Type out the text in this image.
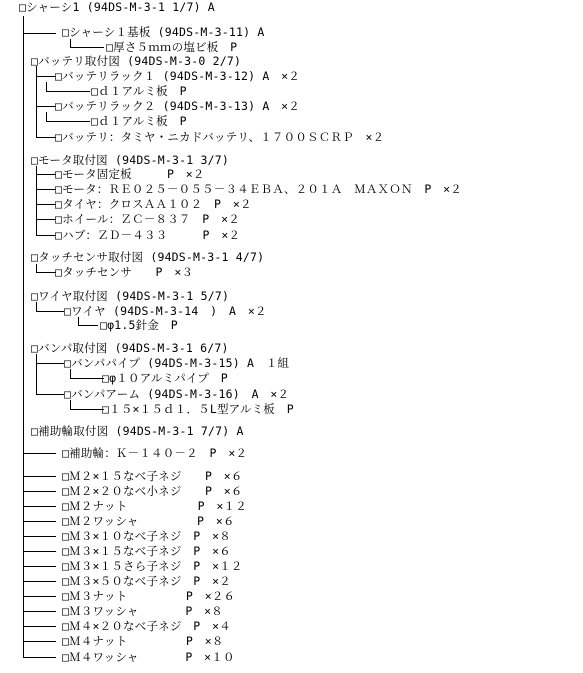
□シャーシ1 (94DS-M-3-1 1/7) A
□シャーシ１基板 (94DS-M-3-11) A
□厚さ５ｍｍの塩ビ板　P
□バッテリ取付図 (94DS-M-3-0 2/7)
□バッテリラック１ (94DS-M-3-12) A　×２
□ｄ１アルミ板　P
□バッテリラック２ (94DS-M-3-13) A　×２
□ｄ１アルミ板　P
□バッテリ：タミヤ・ニカドバッテリ、１７００ＳＣＲＰ　×２
□モータ取付図 (94DS-M-3-1 3/7)
□モータ固定板　　　P　×２
□モータ：ＲＥ０２５－０５５－３４ＥＢＡ、２０１Ａ　ＭＡＸＯＮ　P　×２
□タイヤ：クロスＡＡ１０２　P　×２
□ホイール：ＺＣ－８３７　P　×２
□ハブ：ＺＤ－４３３　　　P　×２
□タッチセンサ取付図 (94DS-M-3-1 4/7)
□タッチセンサ　　P　×３
□ワイヤ取付図 (94DS-M-3-1 5/7)
□ワイヤ (94DS-M-3-14　)　A　×２
□φ1.5針金　P
□バンパ取付図 (94DS-M-3-1 6/7)
□バンパパイプ (94DS-M-3-15) A　１組
□φ１０アルミパイプ　P
□バンパアーム (94DS-M-3-16)　A　×２
□１５×１５ｄ１．５L型アルミ板　P
□補助輪取付図 (94DS-M-3-1 7/7) A
□補助輪：Ｋ－１４０－２　P　×２
□Ｍ２×１５なべ子ネジ　　P　×６
□Ｍ２×２０なべ小ネジ　　P　×６
□Ｍ２ナット　　　　　　P　×１２
□Ｍ２ワッシャ　　　　　P　×６
□Ｍ３×１０なべ子ネジ　P　×８
□Ｍ３×１５なべ子ネジ　P　×６
□Ｍ３×１５さら子ネジ　P　×１２
□Ｍ３×５０なべ子ネジ　P　×２
□Ｍ３ナット　　　　　P　×２６
□Ｍ３ワッシャ　　　　P　×８
□Ｍ４×２０なべ子ネジ　P　×４
□Ｍ４ナット　　　　　P　×８
□Ｍ４ワッシャ　　　　P　×１０
